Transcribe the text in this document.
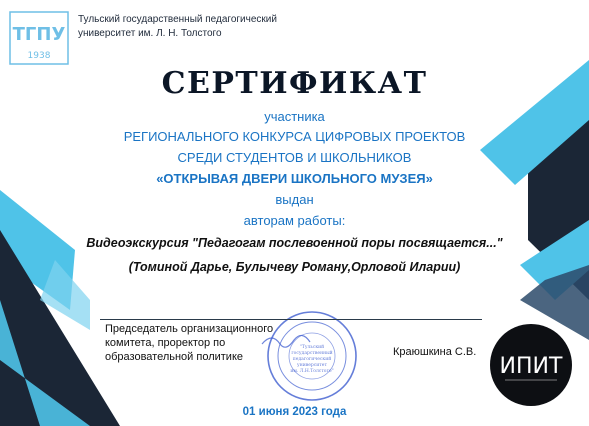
ТГПУ
1938
"Тульский
государственный
педагогический
университет
им. Л.Н.Толстого"	ИПИТ
Тульский государственный педагогический
университет им. Л. Н. Толстого
СЕРТИФИКАТ
участника
РЕГИОНАЛЬНОГО КОНКУРСА ЦИФРОВЫХ ПРОЕКТОВ
СРЕДИ СТУДЕНТОВ И ШКОЛЬНИКОВ
«ОТКРЫВАЯ ДВЕРИ ШКОЛЬНОГО МУЗЕЯ»
выдан
авторам работы:
Видеоэкскурсия "Педагогам послевоенной поры посвящается..."
(Томиной Дарье, Булычеву Роману,Орловой Иларии)
Председатель организационного
комитета, проректор по
образовательной политике	Краюшкина С.В.
01 июня 2023 года
